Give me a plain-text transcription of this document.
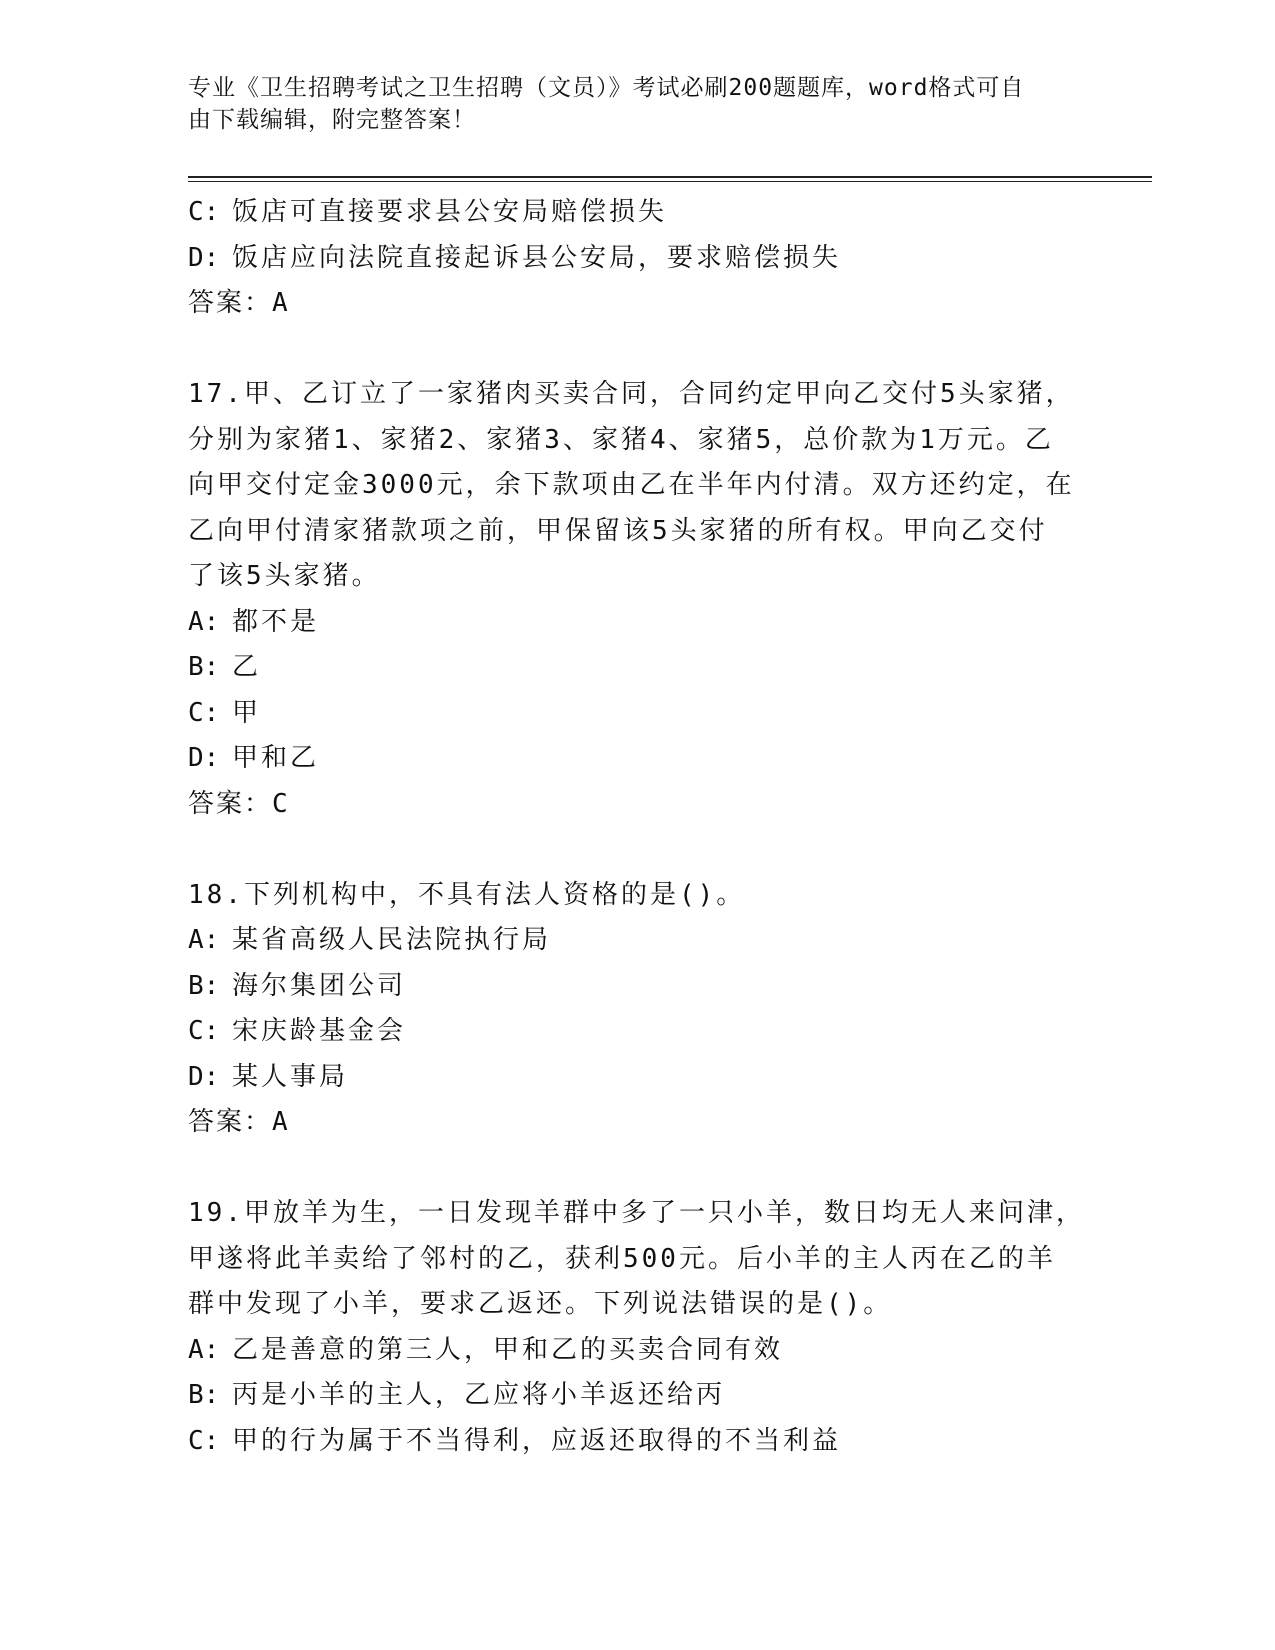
专业《卫生招聘考试之卫生招聘（文员）》考试必刷200题题库，word格式可自
由下载编辑，附完整答案！
C: 饭店可直接要求县公安局赔偿损失
D: 饭店应向法院直接起诉县公安局，要求赔偿损失
答案：A
17.甲、乙订立了一家猪肉买卖合同，合同约定甲向乙交付5头家猪，
分别为家猪1、家猪2、家猪3、家猪4、家猪5，总价款为1万元。乙
向甲交付定金3000元，余下款项由乙在半年内付清。双方还约定，在
乙向甲付清家猪款项之前，甲保留该5头家猪的所有权。甲向乙交付
了该5头家猪。
A: 都不是
B: 乙
C: 甲
D: 甲和乙
答案：C
18.下列机构中，不具有法人资格的是()。
A: 某省高级人民法院执行局
B: 海尔集团公司
C: 宋庆龄基金会
D: 某人事局
答案：A
19.甲放羊为生，一日发现羊群中多了一只小羊，数日均无人来问津，
甲遂将此羊卖给了邻村的乙，获利500元。后小羊的主人丙在乙的羊
群中发现了小羊，要求乙返还。下列说法错误的是()。
A: 乙是善意的第三人，甲和乙的买卖合同有效
B: 丙是小羊的主人，乙应将小羊返还给丙
C: 甲的行为属于不当得利，应返还取得的不当利益
